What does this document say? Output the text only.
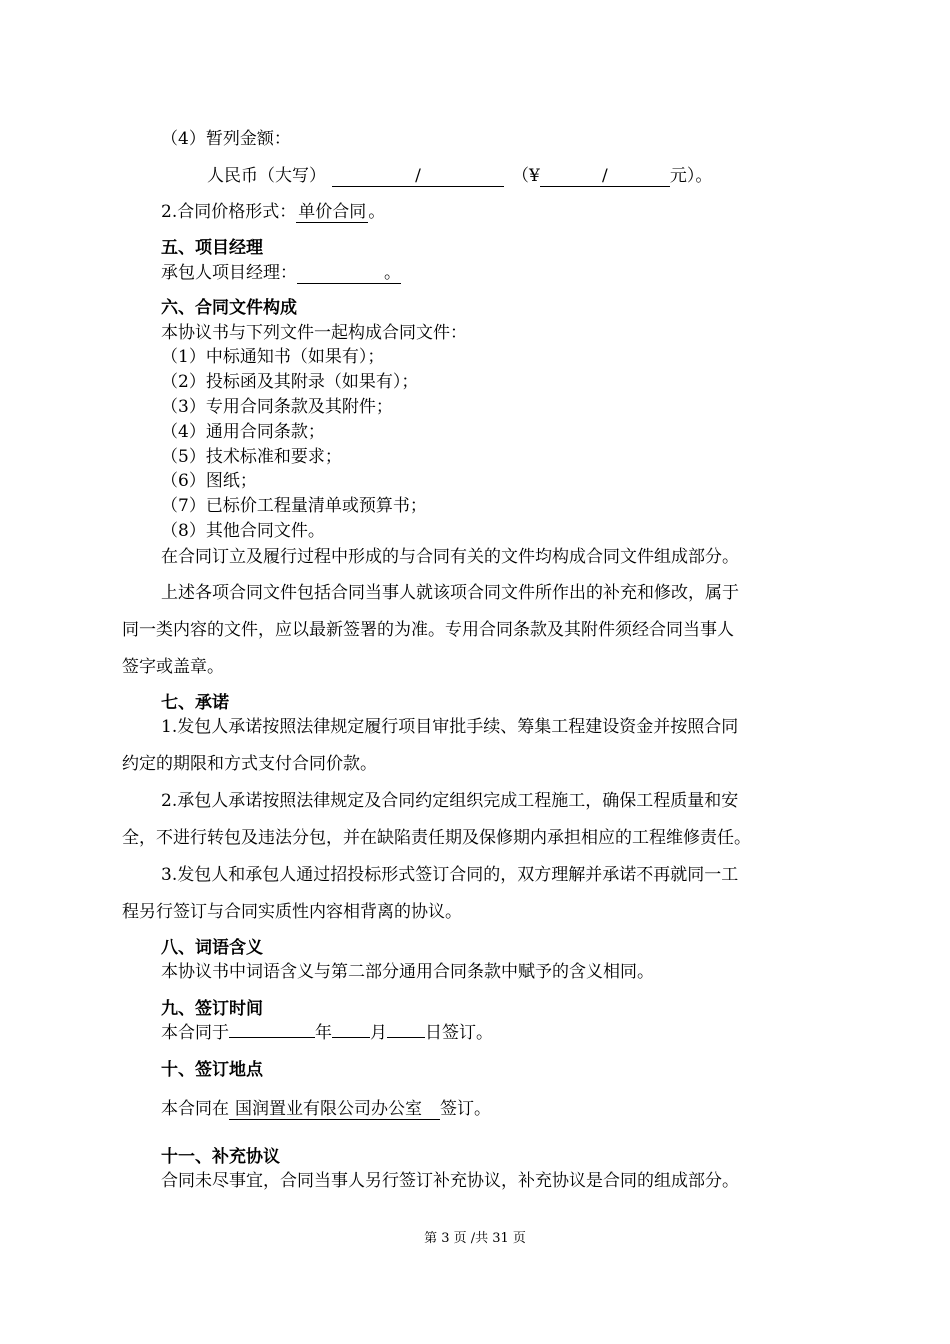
（4）暂列金额：
人民币（大写）	/	（¥	/	元）。
2.合同价格形式： 单价合同 。
五、项目经理
承包人项目经理：	。
六、合同文件构成
本协议书与下列文件一起构成合同文件：
（1）中标通知书（如果有）；
（2）投标函及其附录（如果有）；
（3）专用合同条款及其附件；
（4）通用合同条款；
（5）技术标准和要求；
（6）图纸；
（7）已标价工程量清单或预算书；
（8）其他合同文件。
在合同订立及履行过程中形成的与合同有关的文件均构成合同文件组成部分。
上述各项合同文件包括合同当事人就该项合同文件所作出的补充和修改，属于
同一类内容的文件，应以最新签署的为准。专用合同条款及其附件须经合同当事人
签字或盖章。
七、承诺
1.发包人承诺按照法律规定履行项目审批手续、筹集工程建设资金并按照合同
约定的期限和方式支付合同价款。
2.承包人承诺按照法律规定及合同约定组织完成工程施工，确保工程质量和安
全，不进行转包及违法分包，并在缺陷责任期及保修期内承担相应的工程维修责任。
3.发包人和承包人通过招投标形式签订合同的，双方理解并承诺不再就同一工
程另行签订与合同实质性内容相背离的协议。
八、词语含义
本协议书中词语含义与第二部分通用合同条款中赋予的含义相同。
九、签订时间
本合同于	年 月 日签订。
十、签订地点
本合同在 国润置业有限公司办公室 签订。
十一、补充协议
合同未尽事宜，合同当事人另行签订补充协议，补充协议是合同的组成部分。
第 3 页 /共 31 页
